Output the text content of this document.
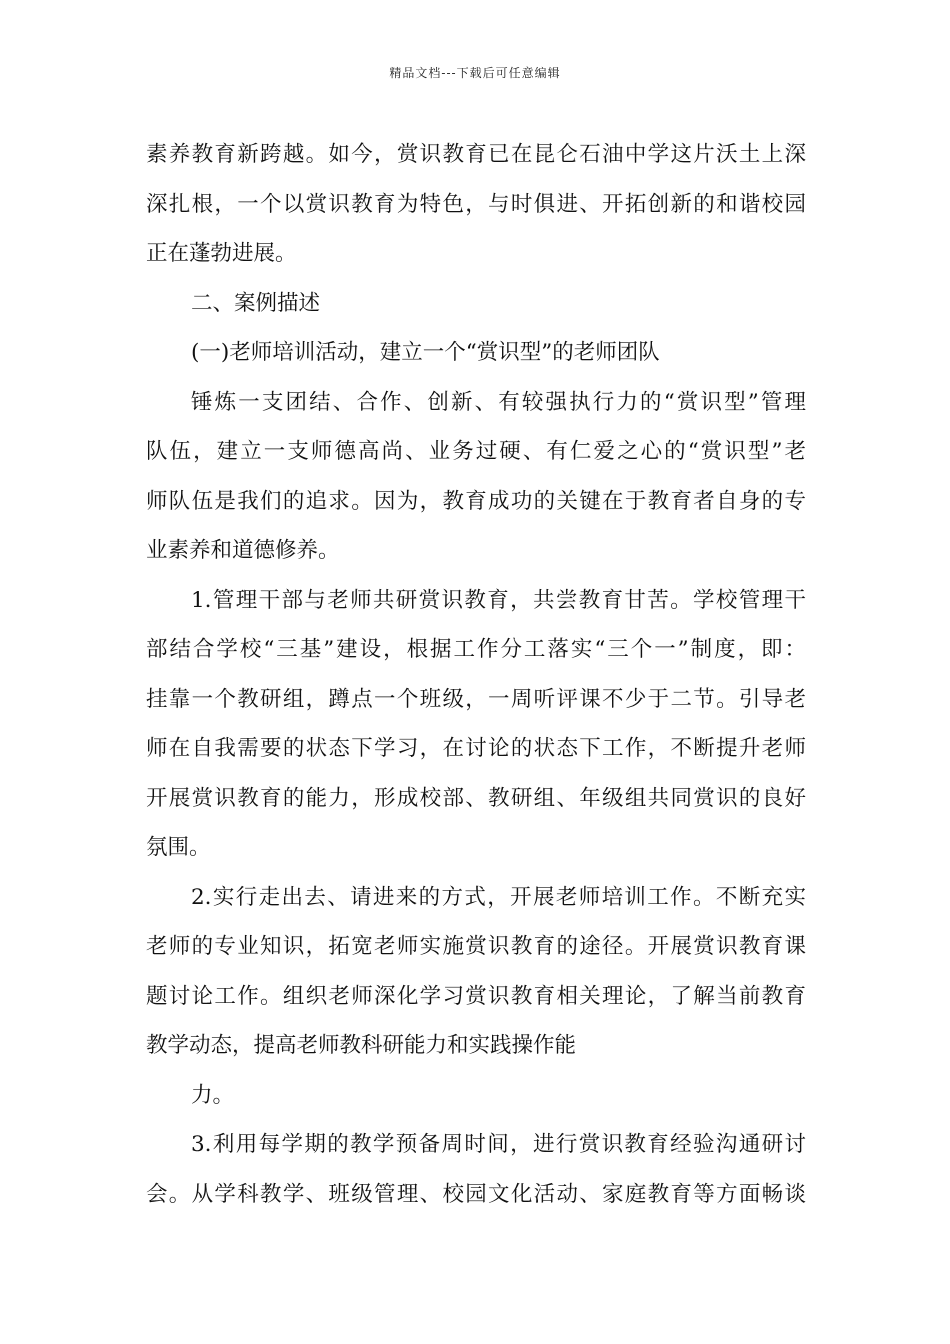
精品文档---下载后可任意编辑
素养教育新跨越。如今，赏识教育已在昆仑石油中学这片沃土上深
深扎根，一个以赏识教育为特色，与时俱进、开拓创新的和谐校园
正在蓬勃进展。
二、案例描述
(一)老师培训活动，建立一个“赏识型”的老师团队
锤炼一支团结、合作、创新、有较强执行力的“赏识型”管理
队伍，建立一支师德高尚、业务过硬、有仁爱之心的“赏识型”老
师队伍是我们的追求。因为，教育成功的关键在于教育者自身的专
业素养和道德修养。
1.管理干部与老师共研赏识教育，共尝教育甘苦。学校管理干
部结合学校“三基”建设，根据工作分工落实“三个一”制度，即：
挂靠一个教研组，蹲点一个班级，一周听评课不少于二节。引导老
师在自我需要的状态下学习，在讨论的状态下工作，不断提升老师
开展赏识教育的能力，形成校部、教研组、年级组共同赏识的良好
氛围。
2.实行走出去、请进来的方式，开展老师培训工作。不断充实
老师的专业知识，拓宽老师实施赏识教育的途径。开展赏识教育课
题讨论工作。组织老师深化学习赏识教育相关理论，了解当前教育
教学动态，提高老师教科研能力和实践操作能
力。
3.利用每学期的教学预备周时间，进行赏识教育经验沟通研讨
会。从学科教学、班级管理、校园文化活动、家庭教育等方面畅谈
